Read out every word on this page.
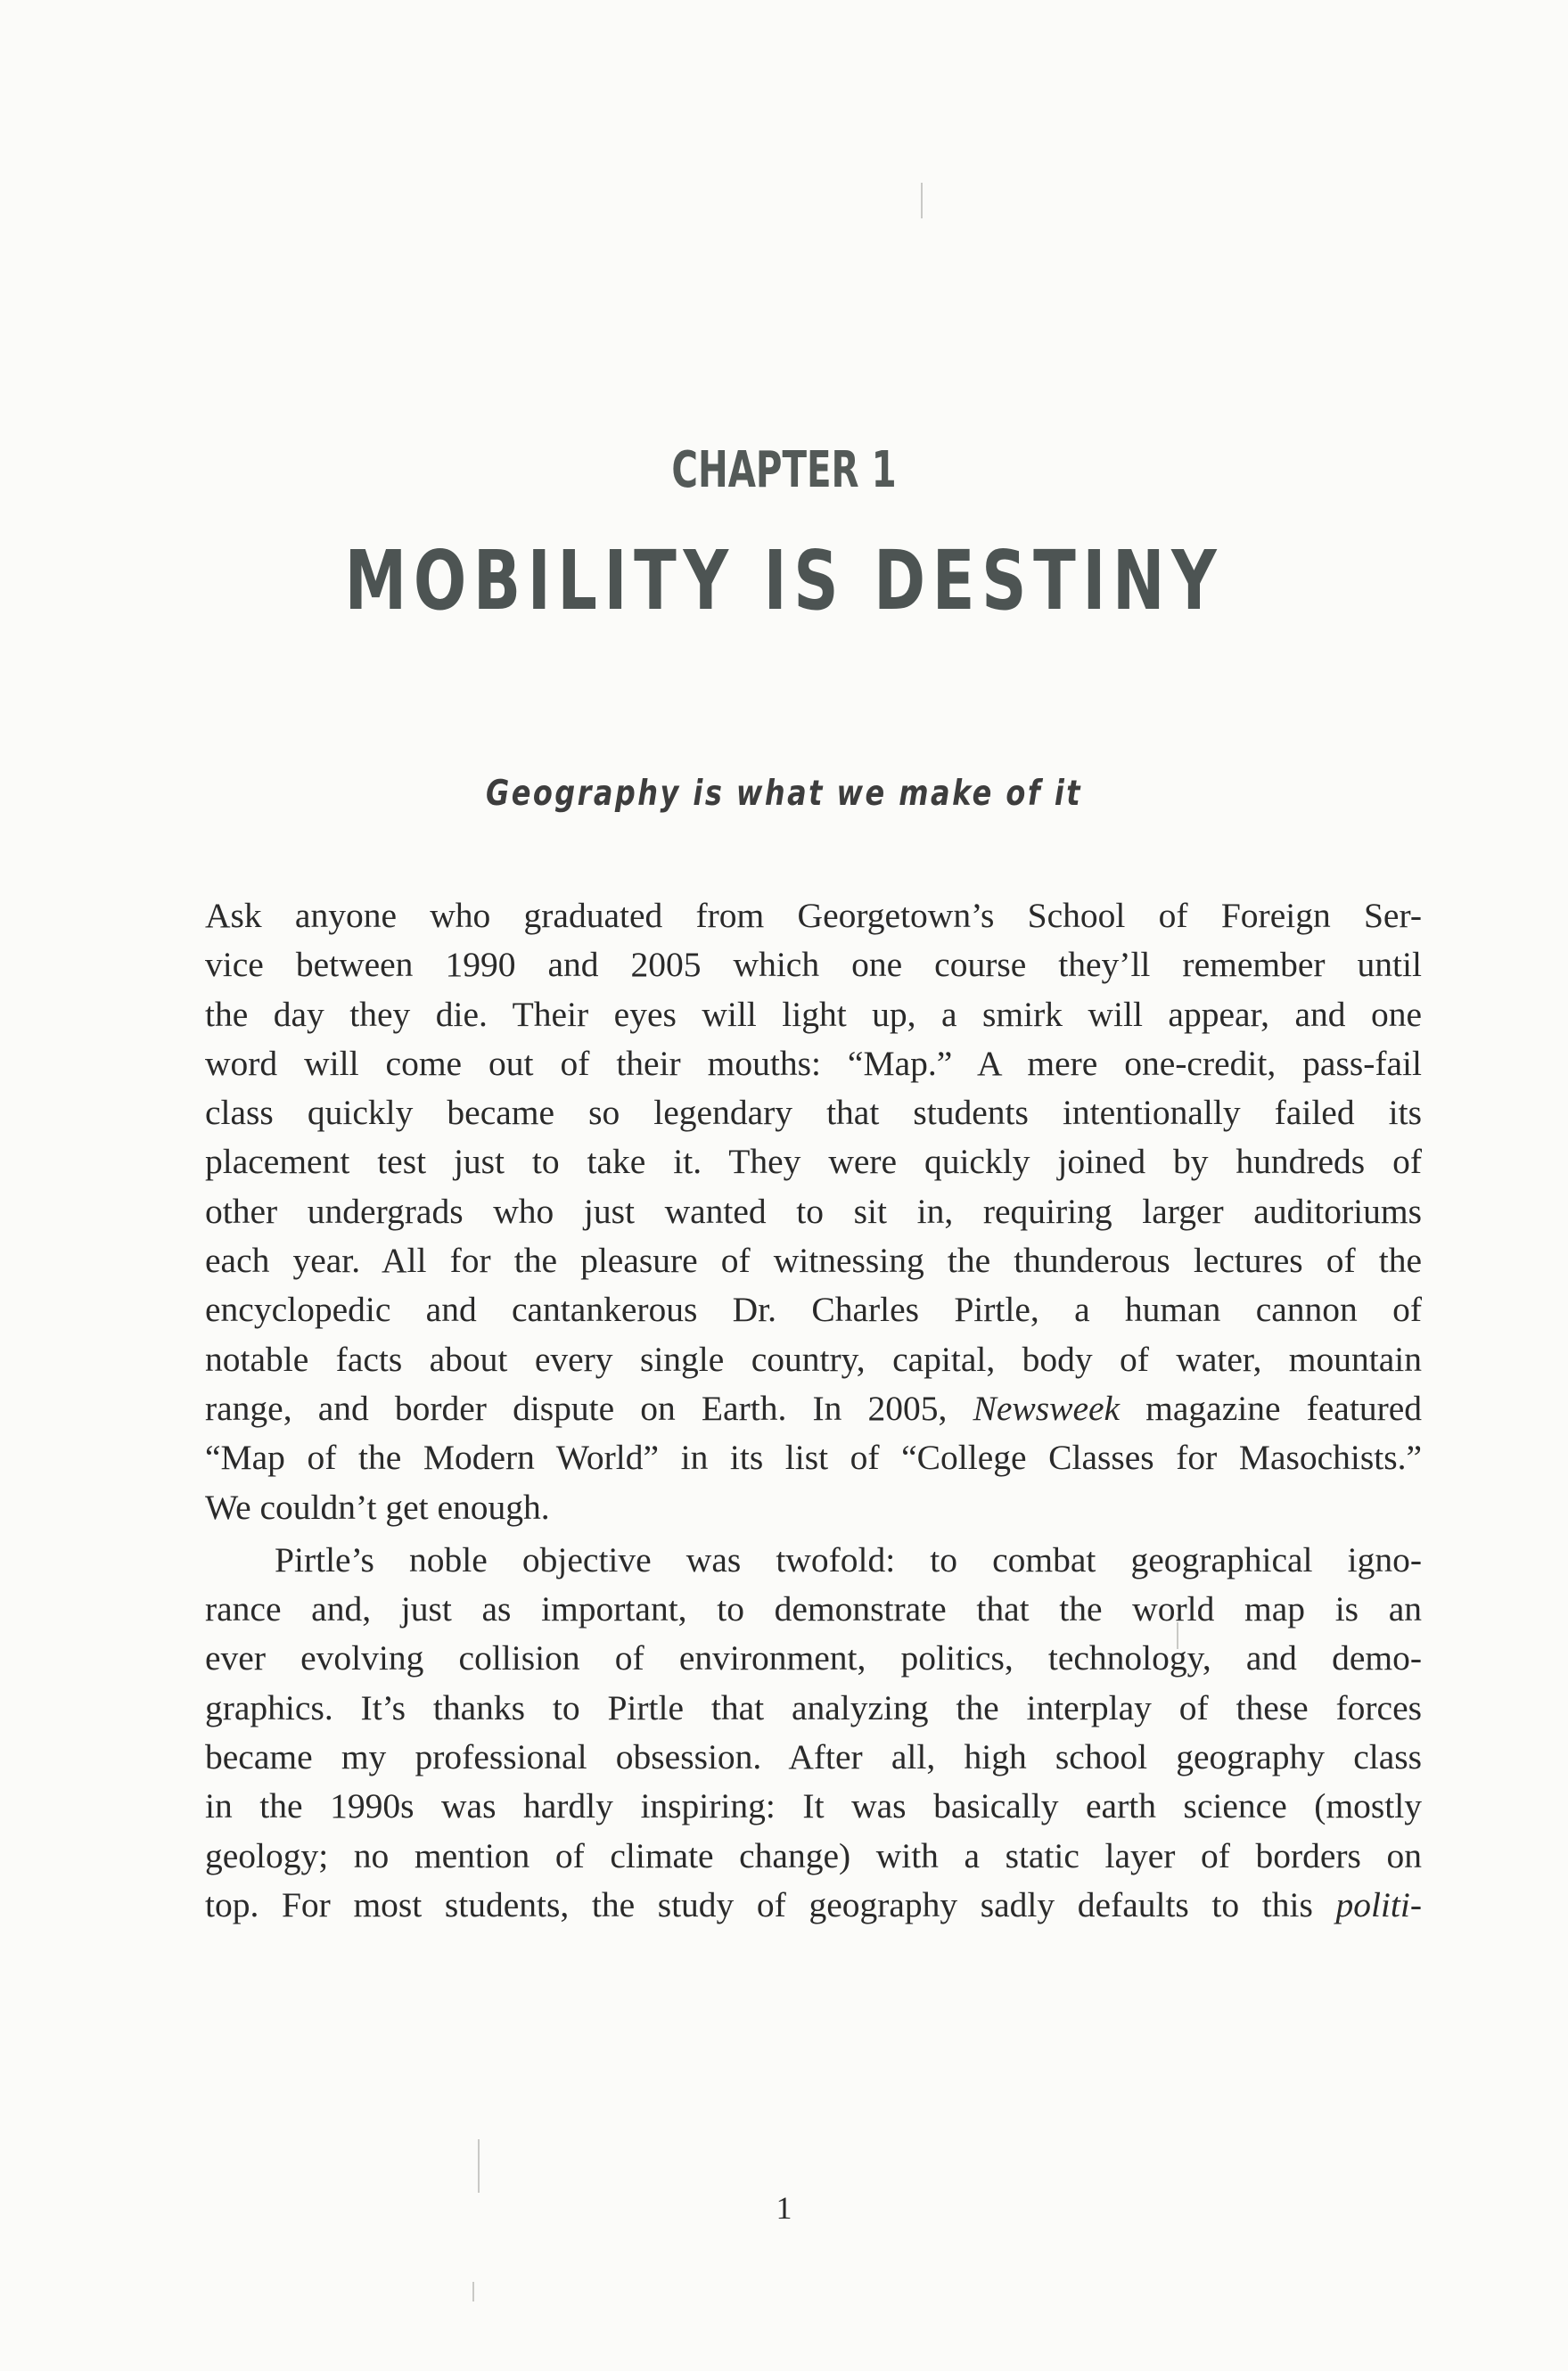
CHAPTER 1
MOBILITY IS DESTINY
Geography is what we make of it
Ask anyone who graduated from Georgetown’s School of Foreign Ser-
vice between 1990 and 2005 which one course they’ll remember until
the day they die. Their eyes will light up, a smirk will appear, and one
word will come out of their mouths: “Map.” A mere one-credit, pass-fail
class quickly became so legendary that students intentionally failed its
placement test just to take it. They were quickly joined by hundreds of
other undergrads who just wanted to sit in, requiring larger auditoriums
each year. All for the pleasure of witnessing the thunderous lectures of the
encyclopedic and cantankerous Dr. Charles Pirtle, a human cannon of
notable facts about every single country, capital, body of water, mountain
range, and border dispute on Earth. In 2005, Newsweek magazine featured
“Map of the Modern World” in its list of “College Classes for Masochists.”
We couldn’t get enough.
Pirtle’s noble objective was twofold: to combat geographical igno-
rance and, just as important, to demonstrate that the world map is an
ever evolving collision of environment, politics, technology, and demo-
graphics. It’s thanks to Pirtle that analyzing the interplay of these forces
became my professional obsession. After all, high school geography class
in the 1990s was hardly inspiring: It was basically earth science (mostly
geology; no mention of climate change) with a static layer of borders on
top. For most students, the study of geography sadly defaults to this politi-
1
